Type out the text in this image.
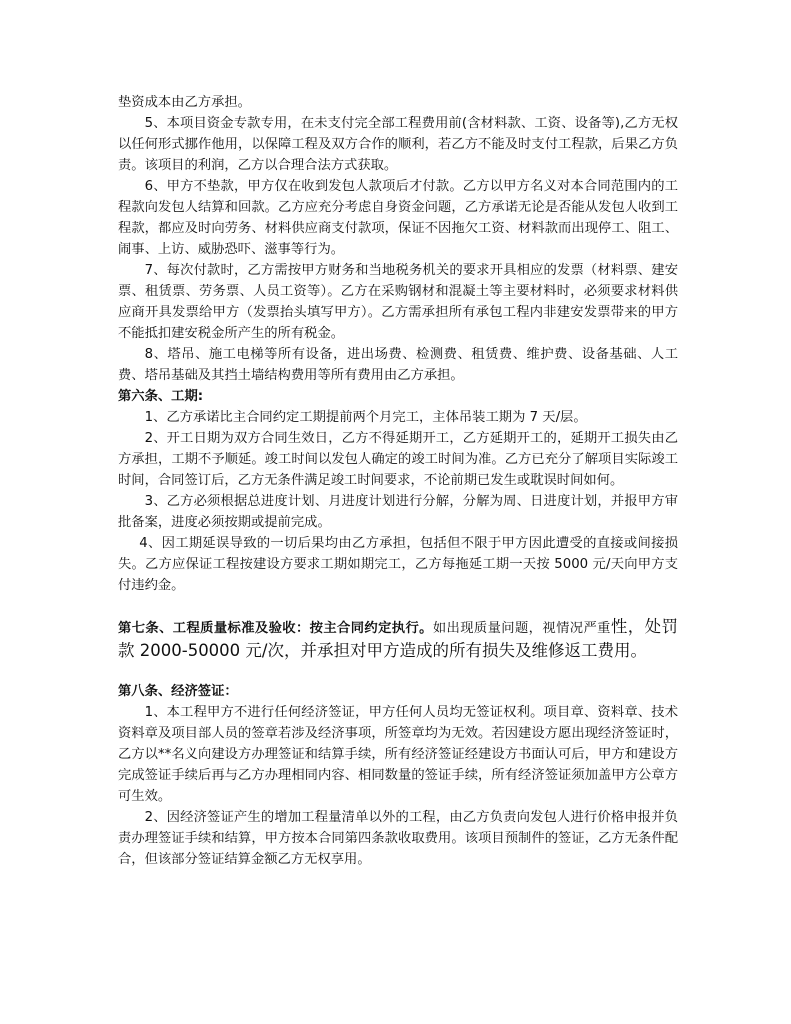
垫资成本由乙方承担。

5、本项目资金专款专用，在未支付完全部工程费用前(含材料款、工资、设备等),乙方无权以任何形式挪作他用，以保障工程及双方合作的顺利，若乙方不能及时支付工程款，后果乙方负责。该项目的利润，乙方以合理合法方式获取。

6、甲方不垫款，甲方仅在收到发包人款项后才付款。乙方以甲方名义对本合同范围内的工程款向发包人结算和回款。乙方应充分考虑自身资金问题，乙方承诺无论是否能从发包人收到工程款，都应及时向劳务、材料供应商支付款项，保证不因拖欠工资、材料款而出现停工、阻工、闹事、上访、威胁恐吓、滋事等行为。

7、每次付款时，乙方需按甲方财务和当地税务机关的要求开具相应的发票（材料票、建安票、租赁票、劳务票、人员工资等）。乙方在采购钢材和混凝土等主要材料时，必须要求材料供应商开具发票给甲方（发票抬头填写甲方）。乙方需承担所有承包工程内非建安发票带来的甲方不能抵扣建安税金所产生的所有税金。

8、塔吊、施工电梯等所有设备，进出场费、检测费、租赁费、维护费、设备基础、人工费、塔吊基础及其挡土墙结构费用等所有费用由乙方承担。

第六条、工期:

1、乙方承诺比主合同约定工期提前两个月完工，主体吊装工期为 7 天/层。

2、开工日期为双方合同生效日，乙方不得延期开工，乙方延期开工的，延期开工损失由乙方承担，工期不予顺延。竣工时间以发包人确定的竣工时间为准。乙方已充分了解项目实际竣工时间，合同签订后，乙方无条件满足竣工时间要求，不论前期已发生或耽误时间如何。

3、乙方必须根据总进度计划、月进度计划进行分解，分解为周、日进度计划，并报甲方审批备案，进度必须按期或提前完成。

4、因工期延误导致的一切后果均由乙方承担，包括但不限于甲方因此遭受的直接或间接损失。乙方应保证工程按建设方要求工期如期完工，乙方每拖延工期一天按 5000 元/天向甲方支付违约金。

第七条、工程质量标准及验收：按主合同约定执行。如出现质量问题，视情况严重性，处罚款 2000-50000 元/次，并承担对甲方造成的所有损失及维修返工费用。

第八条、经济签证：

1、本工程甲方不进行任何经济签证，甲方任何人员均无签证权利。项目章、资料章、技术资料章及项目部人员的签章若涉及经济事项，所签章均为无效。若因建设方愿出现经济签证时，乙方以**名义向建设方办理签证和结算手续，所有经济签证经建设方书面认可后，甲方和建设方完成签证手续后再与乙方办理相同内容、相同数量的签证手续，所有经济签证须加盖甲方公章方可生效。

2、因经济签证产生的增加工程量清单以外的工程，由乙方负责向发包人进行价格申报并负责办理签证手续和结算，甲方按本合同第四条款收取费用。该项目预制件的签证，乙方无条件配合，但该部分签证结算金额乙方无权享用。
